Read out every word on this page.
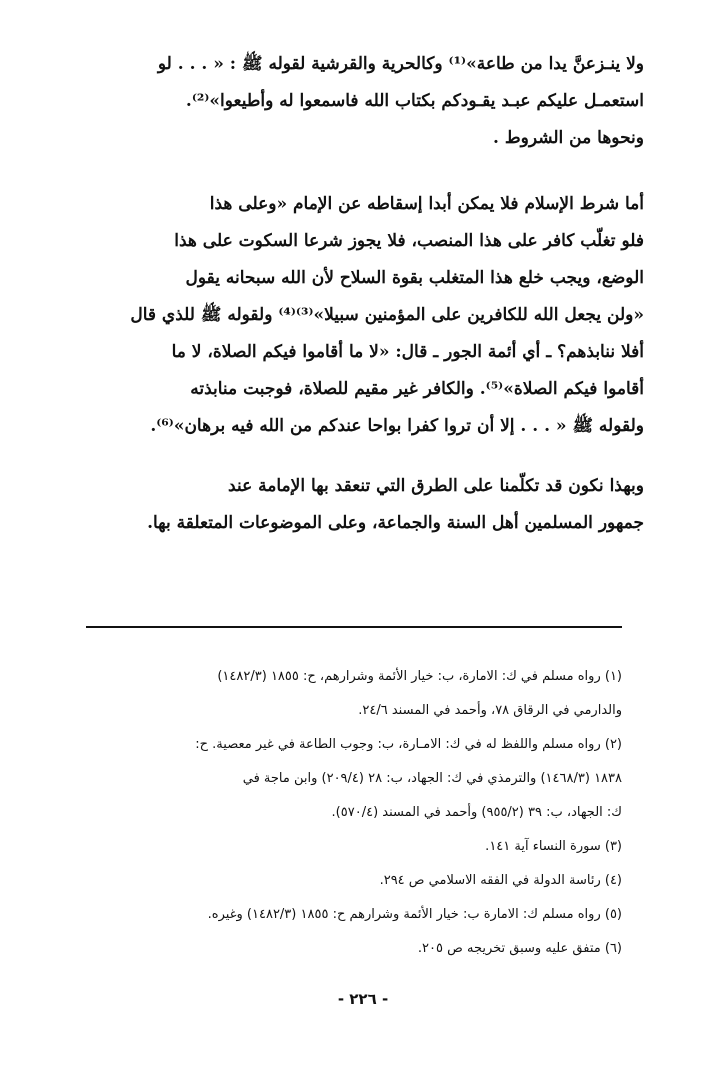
ولا ينـزعنَّ يدا من طاعة»⁽¹⁾ وكالحرية والقرشية لقوله ﷺ : « . . . لو
استعمـل عليكم عبـد يقـودكم بكتاب الله فاسمعوا له وأطيعوا»⁽²⁾.
ونحوها من الشروط .
أما شرط الإسلام فلا يمكن أبدا إسقاطه عن الإمام «وعلى هذا
فلو تغلّب كافر على هذا المنصب، فلا يجوز شرعا السكوت على هذا
الوضع، ويجب خلع هذا المتغلب بقوة السلاح لأن الله سبحانه يقول
«ولن يجعل الله للكافرين على المؤمنين سبيلا»⁽³⁾⁽⁴⁾ ولقوله ﷺ للذي قال
أفلا ننابذهم؟ ـ أي أئمة الجور ـ قال: «لا ما أقاموا فيكم الصلاة، لا ما
أقاموا فيكم الصلاة»⁽⁵⁾. والكافر غير مقيم للصلاة، فوجبت منابذته
ولقوله ﷺ « . . . إلا أن تروا كفرا بواحا عندكم من الله فيه برهان»⁽⁶⁾.
وبهذا نكون قد تكلّمنا على الطرق التي تنعقد بها الإمامة عند
جمهور المسلمين أهل السنة والجماعة، وعلى الموضوعات المتعلقة بها.
(١) رواه مسلم في ك: الامارة، ب: خيار الأئمة وشرارهم، ح: ١٨٥٥ (١٤٨٢/٣)
والدارمي في الرقاق ٧٨، وأحمد في المسند ٢٤/٦.
(٢) رواه مسلم واللفظ له في ك: الامـارة، ب: وجوب الطاعة في غير معصية. ح:
١٨٣٨ (١٤٦٨/٣) والترمذي في ك: الجهاد، ب: ٢٨ (٢٠٩/٤) وابن ماجة في
ك: الجهاد، ب: ٣٩ (٩٥٥/٢) وأحمد في المسند (٥٧٠/٤).
(٣) سورة النساء آية ١٤١.
(٤) رئاسة الدولة في الفقه الاسلامي ص ٢٩٤.
(٥) رواه مسلم ك: الامارة ب: خيار الأئمة وشرارهم ح: ١٨٥٥ (١٤٨٢/٣) وغيره.
(٦) متفق عليه وسبق تخريجه ص ٢٠٥.
- ٢٢٦ -
